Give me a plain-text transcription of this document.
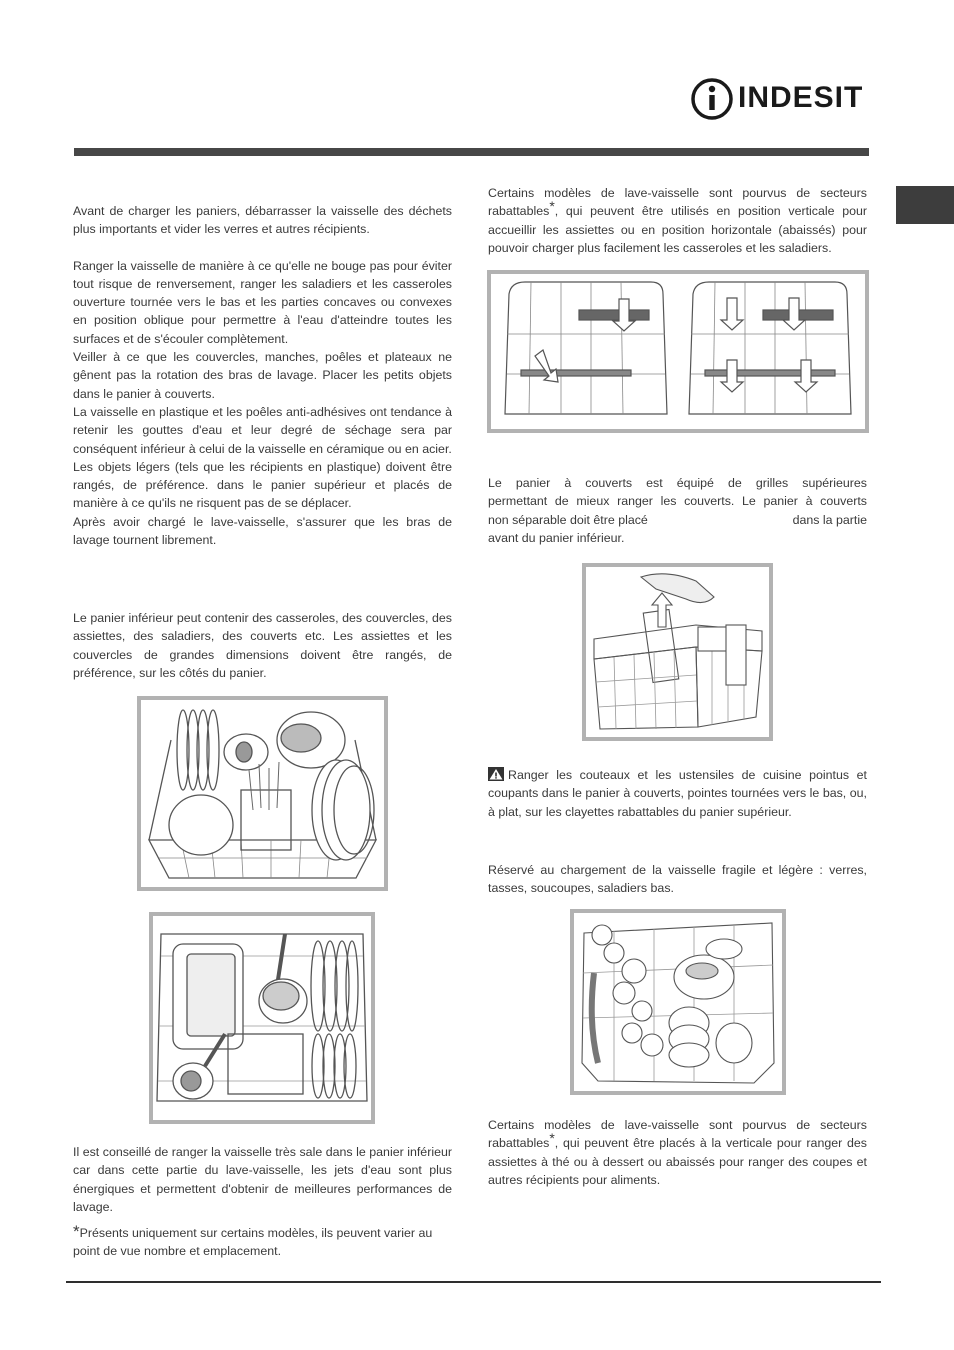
INDESIT

Avant de charger les paniers, débarrasser la vaisselle des déchets plus importants et vider les verres et autres récipients.

Ranger la vaisselle de manière à ce qu'elle ne bouge pas pour éviter tout risque de renversement, ranger les saladiers et les casseroles ouverture tournée vers le bas et les parties concaves ou convexes en position oblique pour permettre à l'eau d'atteindre toutes les surfaces et de s'écouler complètement.

Veiller à ce que les couvercles, manches, poêles et plateaux ne gênent pas la rotation des bras de lavage. Placer les petits objets dans le panier à couverts.

La vaisselle en plastique et les poêles anti-adhésives ont tendance à retenir les gouttes d'eau et leur degré de séchage sera par conséquent inférieur à celui de la vaisselle en céramique ou en acier.

Les objets légers (tels que les récipients en plastique) doivent être rangés, de préférence. dans le panier supérieur et placés de manière à ce qu'ils ne risquent pas de se déplacer.

Après avoir chargé le lave-vaisselle, s'assurer que les bras de lavage tournent librement.

Le panier inférieur peut contenir des casseroles, des couvercles, des assiettes, des saladiers, des couverts etc. Les assiettes et les couvercles de grandes dimensions doivent être rangés, de préférence, sur les côtés du panier.
Il est conseillé de ranger la vaisselle très sale dans le panier inférieur car dans cette partie du lave-vaisselle, les jets d'eau sont plus énergiques et permettent d'obtenir de meilleures performances de lavage.
*Présents uniquement sur certains modèles, ils peuvent varier au point de vue nombre et emplacement.
Certains modèles de lave-vaisselle sont pourvus de secteurs rabattables*, qui peuvent être utilisés en position verticale pour accueillir les assiettes ou en position horizontale (abaissés) pour pouvoir charger plus facilement les casseroles et les saladiers.

Le panier à couverts est équipé de grilles supérieures

permettant de mieux ranger les couverts. Le panier à couverts

non séparable doit être placé	dans la partie

avant du panier inférieur.

Ranger les couteaux et les ustensiles de cuisine pointus et coupants dans le panier à couverts, pointes tournées vers le bas, ou, à plat, sur les clayettes rabattables du panier supérieur.
Réservé au chargement de la vaisselle fragile et légère : verres, tasses, soucoupes, saladiers bas.
Certains modèles de lave-vaisselle sont pourvus de secteurs rabattables*, qui peuvent être placés à la verticale pour ranger des assiettes à thé ou à dessert ou abaissés pour ranger des coupes et autres récipients pour aliments.
